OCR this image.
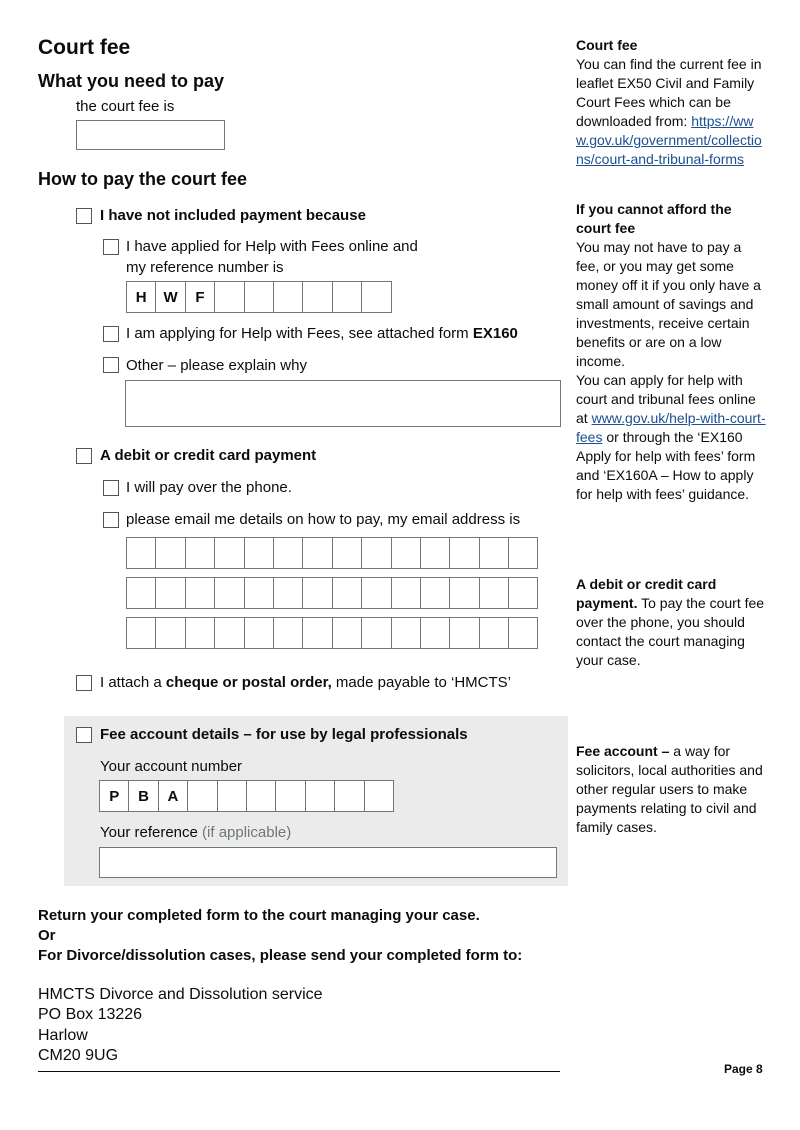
Court fee
What you need to pay
the court fee is
How to pay the court fee
I have not included payment because
I have applied for Help with Fees online and
my reference number is
H	W	F
I am applying for Help with Fees, see attached form EX160
Other – please explain why
A debit or credit card payment
I will pay over the phone.
please email me details on how to pay, my email address is
I attach a cheque or postal order, made payable to ‘HMCTS’
Fee account details – for use by legal professionals
Your account number
P	B	A
Your reference (if applicable)
Return your completed form to the court managing your case.
Or
For Divorce/dissolution cases, please send your completed form to:
HMCTS Divorce and Dissolution service
PO Box 13226
Harlow
CM20 9UG
Court fee
You can find the current fee in leaflet EX50 Civil and Family Court Fees which can be downloaded from: https://www.gov.uk/government/collections/court-and-tribunal-forms
If you cannot afford the court fee
You may not have to pay a fee, or you may get some money off it if you only have a small amount of savings and investments, receive certain benefits or are on a low income.
You can apply for help with court and tribunal fees online at www.gov.uk/help-with-court-fees or through the ‘EX160 Apply for help with fees’ form and ‘EX160A – How to apply for help with fees’ guidance.
A debit or credit card payment. To pay the court fee over the phone, you should contact the court managing your case.
Fee account – a way for solicitors, local authorities and other regular users to make payments relating to civil and family cases.
Page 8
